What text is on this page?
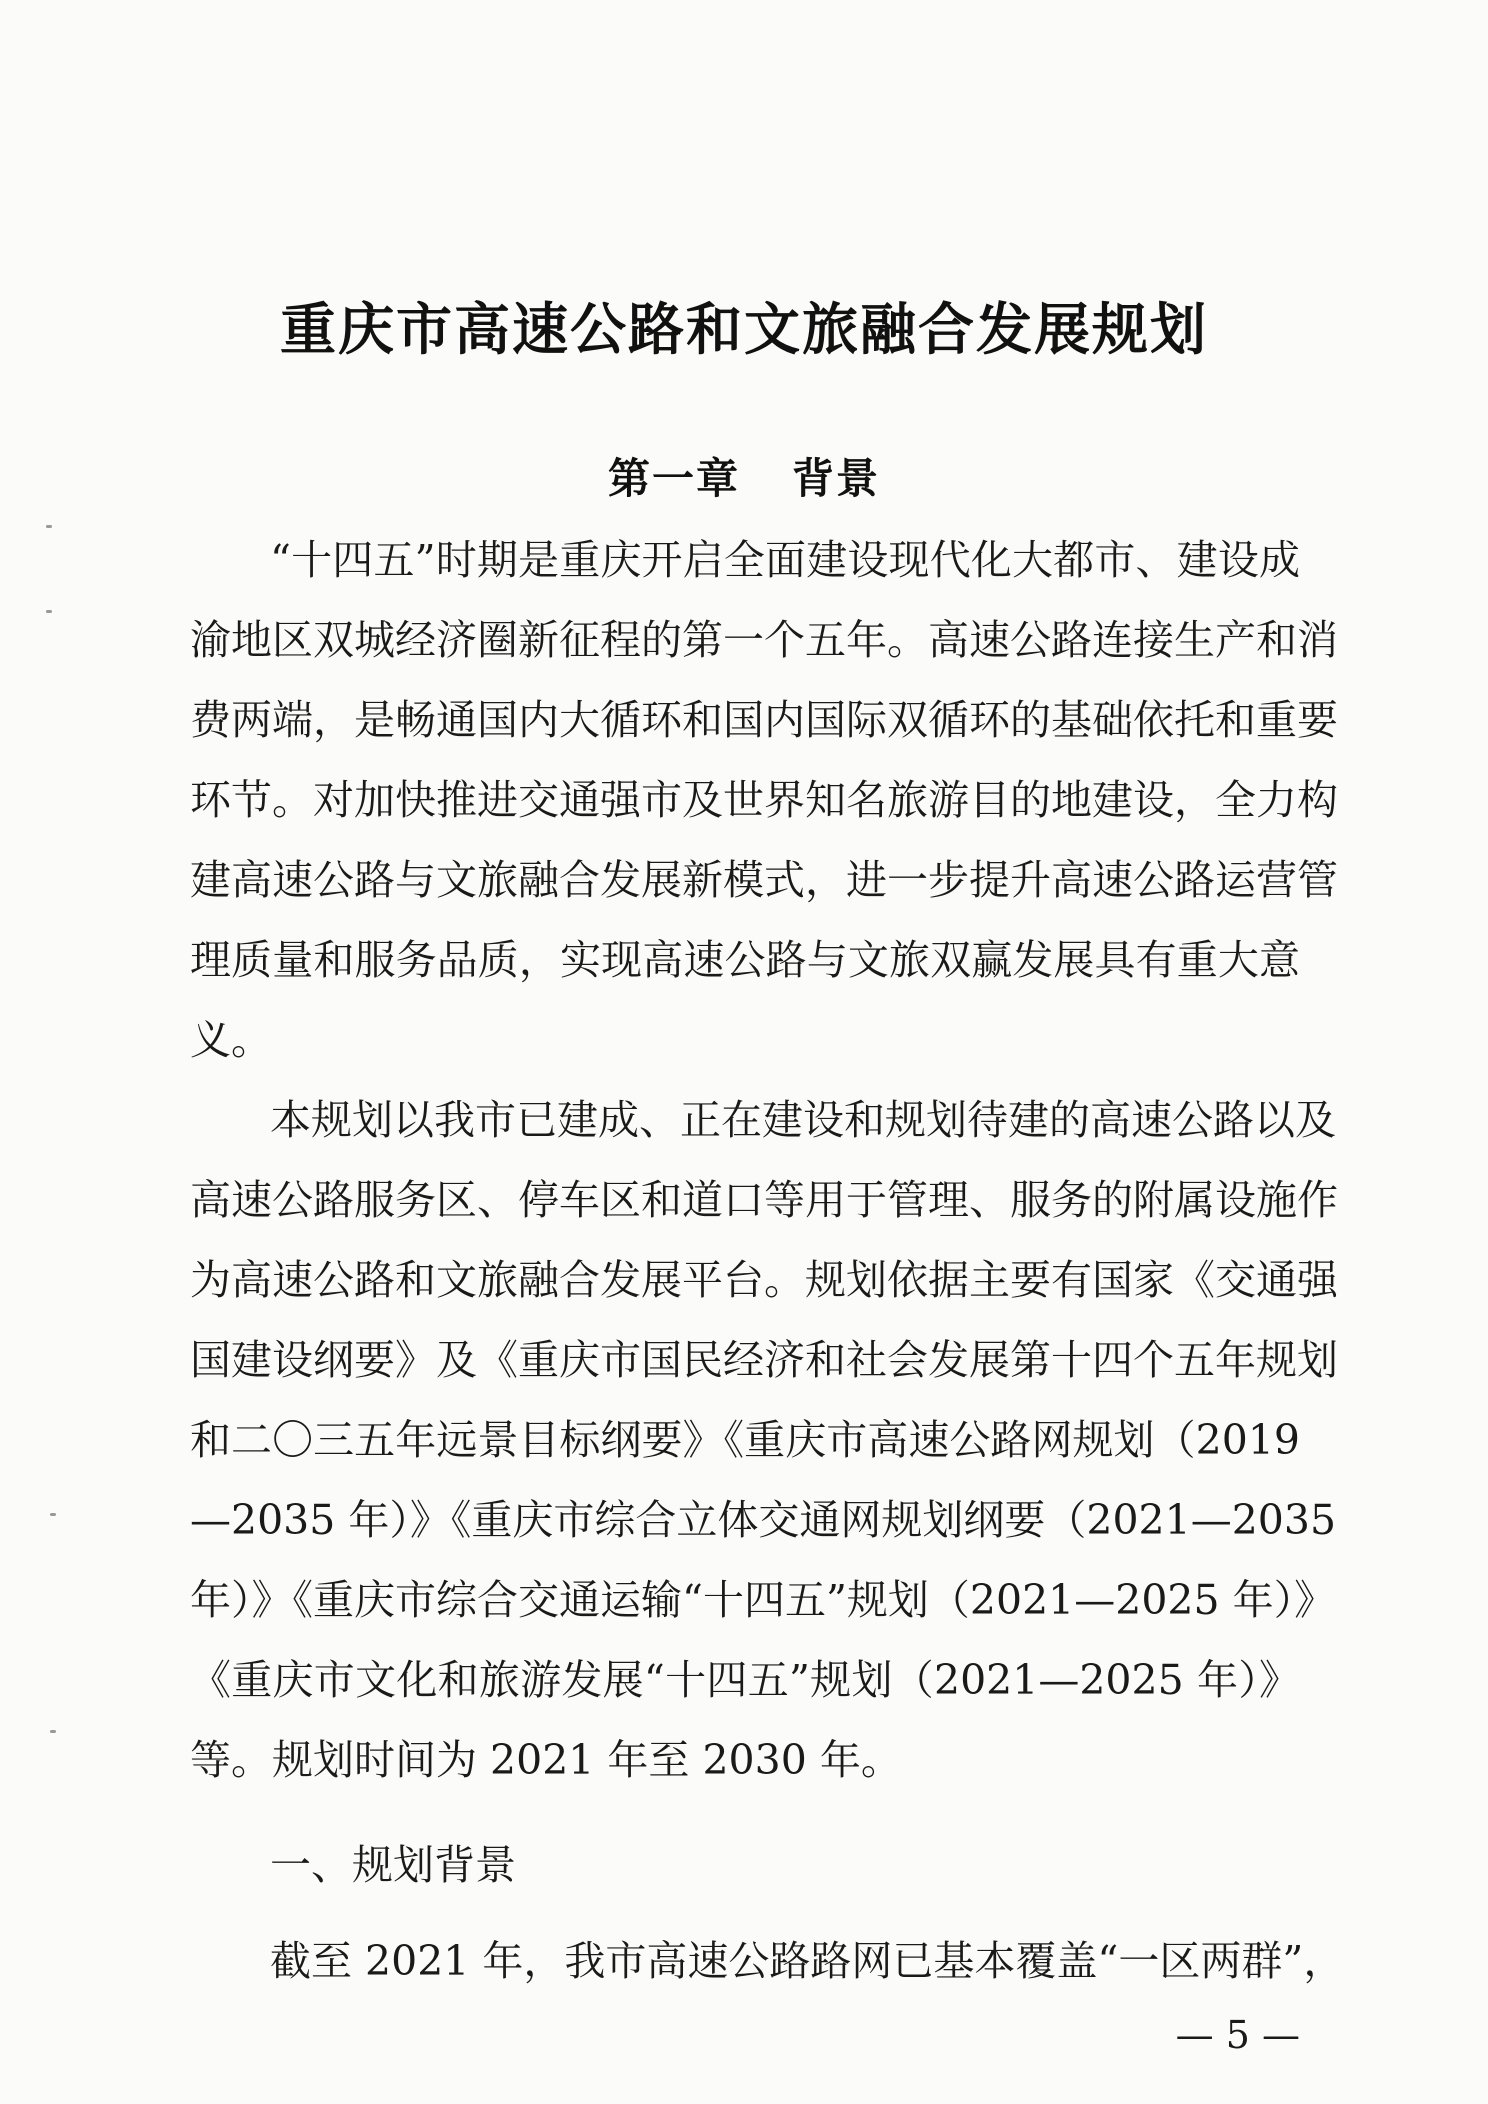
重庆市高速公路和文旅融合发展规划
第一章 背景
“十四五”时期是重庆开启全面建设现代化大都市、建设成
渝地区双城经济圈新征程的第一个五年。高速公路连接生产和消
费两端，是畅通国内大循环和国内国际双循环的基础依托和重要
环节。对加快推进交通强市及世界知名旅游目的地建设，全力构
建高速公路与文旅融合发展新模式，进一步提升高速公路运营管
理质量和服务品质，实现高速公路与文旅双赢发展具有重大意
义。
本规划以我市已建成、正在建设和规划待建的高速公路以及
高速公路服务区、停车区和道口等用于管理、服务的附属设施作
为高速公路和文旅融合发展平台。规划依据主要有国家《交通强
国建设纲要》及《重庆市国民经济和社会发展第十四个五年规划
和二〇三五年远景目标纲要》《重庆市高速公路网规划（2019
—2035 年）》《重庆市综合立体交通网规划纲要（2021—2035
年）》《重庆市综合交通运输“十四五”规划（2021—2025 年）》
《重庆市文化和旅游发展“十四五”规划（2021—2025 年）》
等。规划时间为 2021 年至 2030 年。
一、规划背景
截至 2021 年，我市高速公路路网已基本覆盖“一区两群”，
— 5 —
